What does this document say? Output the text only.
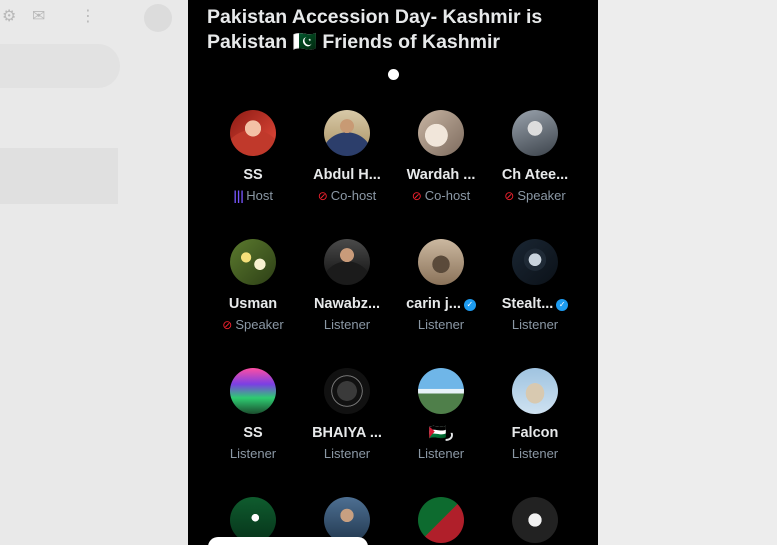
⚙ ✉ ⋮	Pakistan Accession Day- Kashmir is Pakistan 🇵🇰 Friends of Kashmir
SS
||| Host
Abdul H...
⊘ Co-host
Wardah ...
⊘ Co-host
Ch Atee...
⊘ Speaker
Usman
⊘ Speaker
Nawabz...
Listener
carin j... ✓
Listener
Stealt... ✓
Listener
SS
Listener
BHAIYA ...
Listener
🇵🇸ر
Listener
Falcon
Listener
